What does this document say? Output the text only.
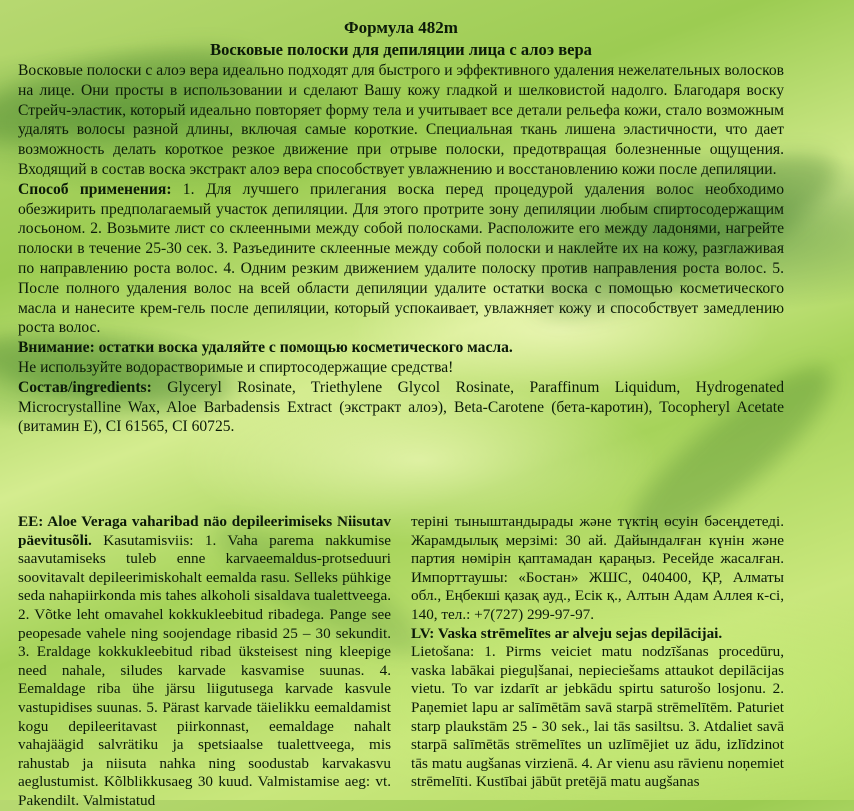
Формула 482m
Восковые полоски для депиляции лица с алоэ вера

Восковые полоски с алоэ вера идеально подходят для быстрого и эффективного удаления нежелательных волосков на лице. Они просты в использовании и сделают Вашу кожу гладкой и шелковистой надолго. Благодаря воску Стрейч-эластик, который идеально повторяет форму тела и учитывает все детали рельефа кожи, стало возможным удалять волосы разной длины, включая самые короткие. Специальная ткань лишена эластичности, что дает возможность делать короткое резкое движение при отрыве полоски, предотвращая болезненные ощущения. Входящий в состав воска экстракт алоэ вера способствует увлажнению и восстановлению кожи после депиляции.

Способ применения: 1. Для лучшего прилегания воска перед процедурой удаления волос необходимо обезжирить предполагаемый участок депиляции. Для этого протрите зону депиляции любым спиртосодержащим лосьоном. 2. Возьмите лист со склеенными между собой полосками. Расположите его между ладонями, нагрейте полоски в течение 25-30 сек. 3. Разъедините склеенные между собой полоски и наклейте их на кожу, разглаживая по направлению роста волос. 4. Одним резким движением удалите полоску против направления роста волос. 5. После полного удаления волос на всей области депиляции удалите остатки воска с помощью косметического масла и нанесите крем-гель после депиляции, который успокаивает, увлажняет кожу и способствует замедлению роста волос.

Внимание: остатки воска удаляйте с помощью косметического масла.

Не используйте водорастворимые и спиртосодержащие средства!

Состав/ingredients: Glyceryl Rosinate, Triethylene Glycol Rosinate, Paraffinum Liquidum, Hydrogenated Microcrystalline Wax, Aloe Barbadensis Extract (экстракт алоэ), Beta-Carotene (бета-каротин), Tocopheryl Acetate (витамин Е), CI 61565, CI 60725.

EE: Aloe Veraga vaharibad näo depileerimiseks Niisutav päevitusõli. Kasutamisviis: 1. Vaha parema nakkumise saavutamiseks tuleb enne karvaeemaldus-protseduuri soovitavalt depileerimiskohalt eemalda rasu. Selleks pühkige seda nahapiirkonda mis tahes alkoholi sisaldava tualettveega. 2. Võtke leht omavahel kokkukleebitud ribadega. Pange see peopesade vahele ning soojendage ribasid 25 – 30 sekundit. 3. Eraldage kokkukleebitud ribad üksteisest ning kleepige need nahale, siludes karvade kasvamise suunas. 4. Eemaldage riba ühe järsu liigutusega karvade kasvule vastupidises suunas. 5. Pärast karvade täielikku eemaldamist kogu depileeritavast piirkonnast, eemaldage nahalt vahajäägid salvrätiku ja spetsiaalse tualettveega, mis rahustab ja niisuta nahka ning soodustab karvakasvu aeglustumist. Kõlblikkusaeg 30 kuud. Valmistamise aeg: vt. Pakendilt. Valmistatud

терiнi тыныштандырады және түктің өсуін бәсеңдетеді. Жарамдылық мерзімі: 30 ай. Дайындалған күнін және партия нөмірін қаптамадан қараңыз. Ресейде жасалған. Импорттаушы: «Бостан» ЖШС, 040400, ҚР, Алматы обл., Еңбекші қазақ ауд., Есік қ., Алтын Адам Аллея к-сі, 140, тел.: +7(727) 299-97-97.

LV: Vaska strēmelītes ar alveju sejas depilācijai.

Lietošana: 1. Pirms veiciet matu nodzīšanas procedūru, vaska labākai pieguļšanai, nepieciešams attaukot depilācijas vietu. To var izdarīt ar jebkādu spirtu saturošo losjonu. 2. Paņemiet lapu ar salīmētām savā starpā strēmelītēm. Paturiet starp plaukstām 25 - 30 sek., lai tās sasiltsu. 3. Atdaliet savā starpā salīmētās strēmelītes un uzlīmējiet uz ādu, izlīdzinot tās matu augšanas virzienā. 4. Ar vienu asu rāvienu noņemiet strēmelīti. Kustībai jābūt pretējā matu augšanas
